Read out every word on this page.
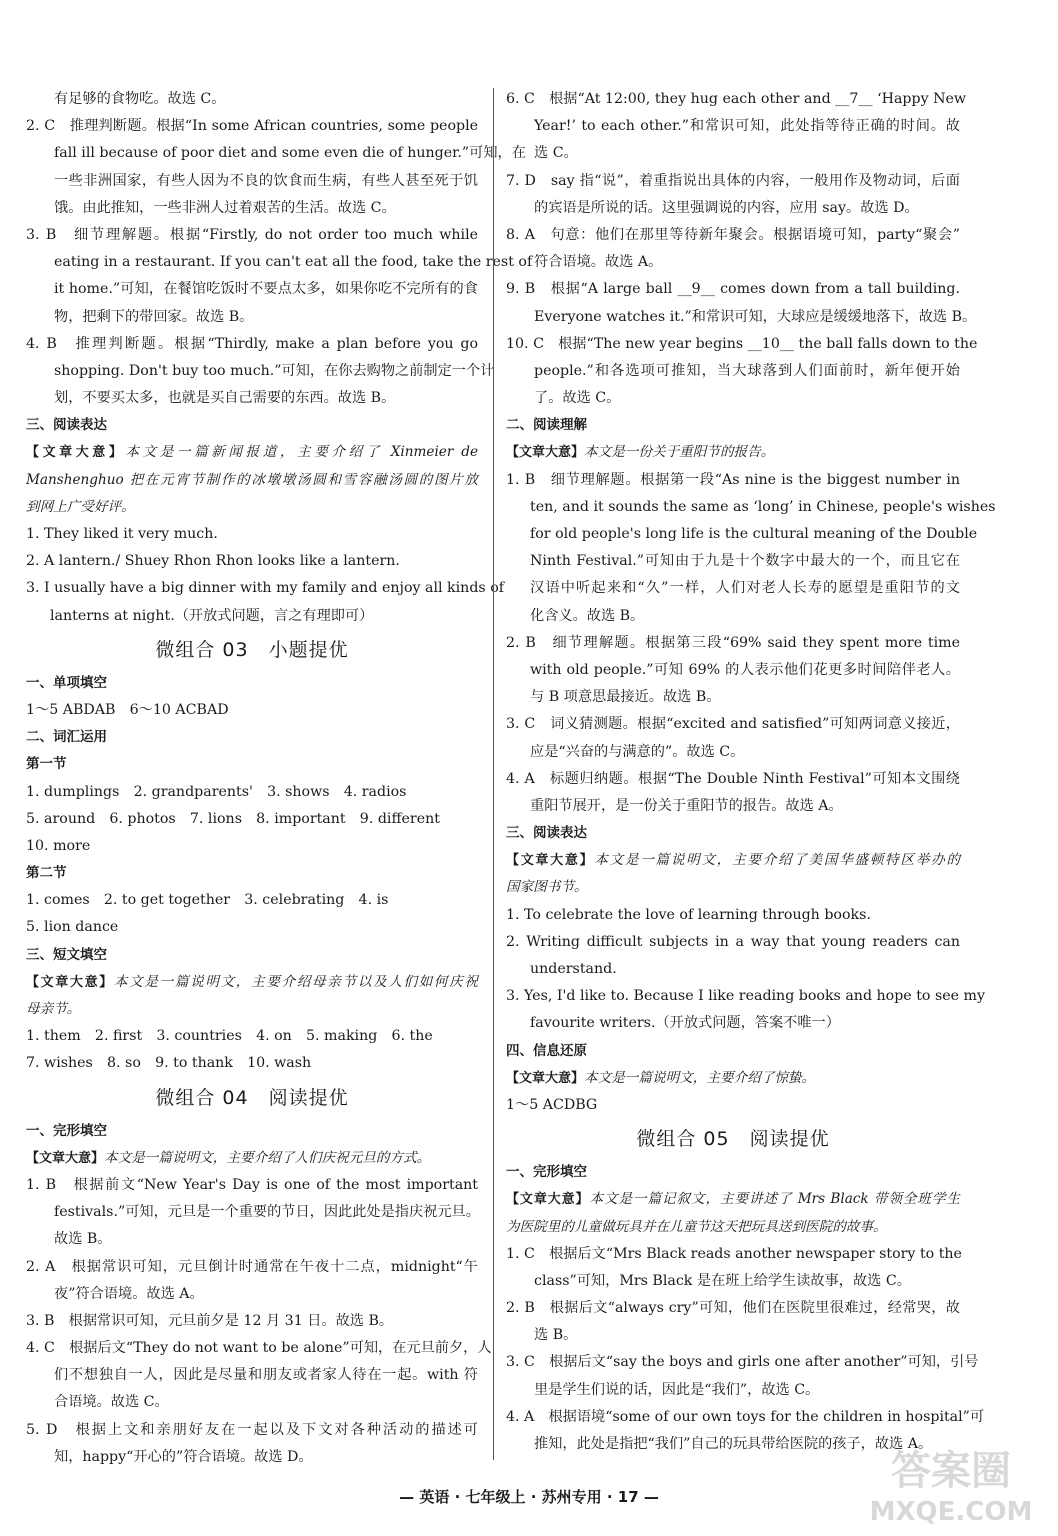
有足够的食物吃。故选 C。
2. C　推理判断题。根据“In some African countries, some people
fall ill because of poor diet and some even die of hunger.”可知，在
一些非洲国家，有些人因为不良的饮食而生病，有些人甚至死于饥
饿。由此推知，一些非洲人过着艰苦的生活。故选 C。
3. B　细节理解题。根据“Firstly, do not order too much while
eating in a restaurant. If you can't eat all the food, take the rest of
it home.”可知，在餐馆吃饭时不要点太多，如果你吃不完所有的食
物，把剩下的带回家。故选 B。
4. B　推理判断题。根据“Thirdly, make a plan before you go
shopping. Don't buy too much.”可知，在你去购物之前制定一个计
划，不要买太多，也就是买自己需要的东西。故选 B。
三、阅读表达
【文章大意】本文是一篇新闻报道，主要介绍了 Xinmeier de
Manshenghuo 把在元宵节制作的冰墩墩汤圆和雪容融汤圆的图片放
到网上广受好评。
1. They liked it very much.
2. A lantern./ Shuey Rhon Rhon looks like a lantern.
3. I usually have a big dinner with my family and enjoy all kinds of
lanterns at night.（开放式问题，言之有理即可）
微组合 03　小题提优
一、单项填空
1～5 ABDAB　6～10 ACBAD
二、词汇运用
第一节
1. dumplings　2. grandparents'　3. shows　4. radios
5. around　6. photos　7. lions　8. important　9. different
10. more
第二节
1. comes　2. to get together　3. celebrating　4. is
5. lion dance
三、短文填空
【文章大意】本文是一篇说明文，主要介绍母亲节以及人们如何庆祝
母亲节。
1. them　2. first　3. countries　4. on　5. making　6. the
7. wishes　8. so　9. to thank　10. wash
微组合 04　阅读提优
一、完形填空
【文章大意】本文是一篇说明文，主要介绍了人们庆祝元旦的方式。
1. B　根据前文“New Year's Day is one of the most important
festivals.”可知，元旦是一个重要的节日，因此此处是指庆祝元旦。
故选 B。
2. A　根据常识可知，元旦倒计时通常在午夜十二点，midnight“午
夜”符合语境。故选 A。
3. B　根据常识可知，元旦前夕是 12 月 31 日。故选 B。
4. C　根据后文“They do not want to be alone”可知，在元旦前夕，人
们不想独自一人，因此是尽量和朋友或者家人待在一起。with 符
合语境。故选 C。
5. D　根据上文和亲朋好友在一起以及下文对各种活动的描述可
知，happy“开心的”符合语境。故选 D。
6. C　根据“At 12:00, they hug each other and __7__ ‘Happy New
Year!’ to each other.”和常识可知，此处指等待正确的时间。故
选 C。
7. D　say 指“说”，着重指说出具体的内容，一般用作及物动词，后面
的宾语是所说的话。这里强调说的内容，应用 say。故选 D。
8. A　句意：他们在那里等待新年聚会。根据语境可知，party“聚会”
符合语境。故选 A。
9. B　根据“A large ball __9__ comes down from a tall building.
Everyone watches it.”和常识可知，大球应是缓缓地落下，故选 B。
10. C　根据“The new year begins __10__ the ball falls down to the
people.”和各选项可推知，当大球落到人们面前时，新年便开始
了。故选 C。
二、阅读理解
【文章大意】本文是一份关于重阳节的报告。
1. B　细节理解题。根据第一段“As nine is the biggest number in
ten, and it sounds the same as ‘long’ in Chinese, people's wishes
for old people's long life is the cultural meaning of the Double
Ninth Festival.”可知由于九是十个数字中最大的一个，而且它在
汉语中听起来和“久”一样，人们对老人长寿的愿望是重阳节的文
化含义。故选 B。
2. B　细节理解题。根据第三段“69% said they spent more time
with old people.”可知 69% 的人表示他们花更多时间陪伴老人。
与 B 项意思最接近。故选 B。
3. C　词义猜测题。根据“excited and satisfied”可知两词意义接近，
应是“兴奋的与满意的”。故选 C。
4. A　标题归纳题。根据“The Double Ninth Festival”可知本文围绕
重阳节展开，是一份关于重阳节的报告。故选 A。
三、阅读表达
【文章大意】本文是一篇说明文，主要介绍了美国华盛顿特区举办的
国家图书节。
1. To celebrate the love of learning through books.
2. Writing difficult subjects in a way that young readers can
understand.
3. Yes, I'd like to. Because I like reading books and hope to see my
favourite writers.（开放式问题，答案不唯一）
四、信息还原
【文章大意】本文是一篇说明文，主要介绍了惊蛰。
1～5 ACDBG
微组合 05　阅读提优
一、完形填空
【文章大意】本文是一篇记叙文，主要讲述了 Mrs Black 带领全班学生
为医院里的儿童做玩具并在儿童节这天把玩具送到医院的故事。
1. C　根据后文“Mrs Black reads another newspaper story to the
class”可知，Mrs Black 是在班上给学生读故事，故选 C。
2. B　根据后文“always cry”可知，他们在医院里很难过，经常哭，故
选 B。
3. C　根据后文“say the boys and girls one after another”可知，引号
里是学生们说的话，因此是“我们”，故选 C。
4. A　根据语境“some of our own toys for the children in hospital”可
推知，此处是指把“我们”自己的玩具带给医院的孩子，故选 A。
— 英语 · 七年级上 · 苏州专用 · 17 —
答案圈
MXQE.COM
